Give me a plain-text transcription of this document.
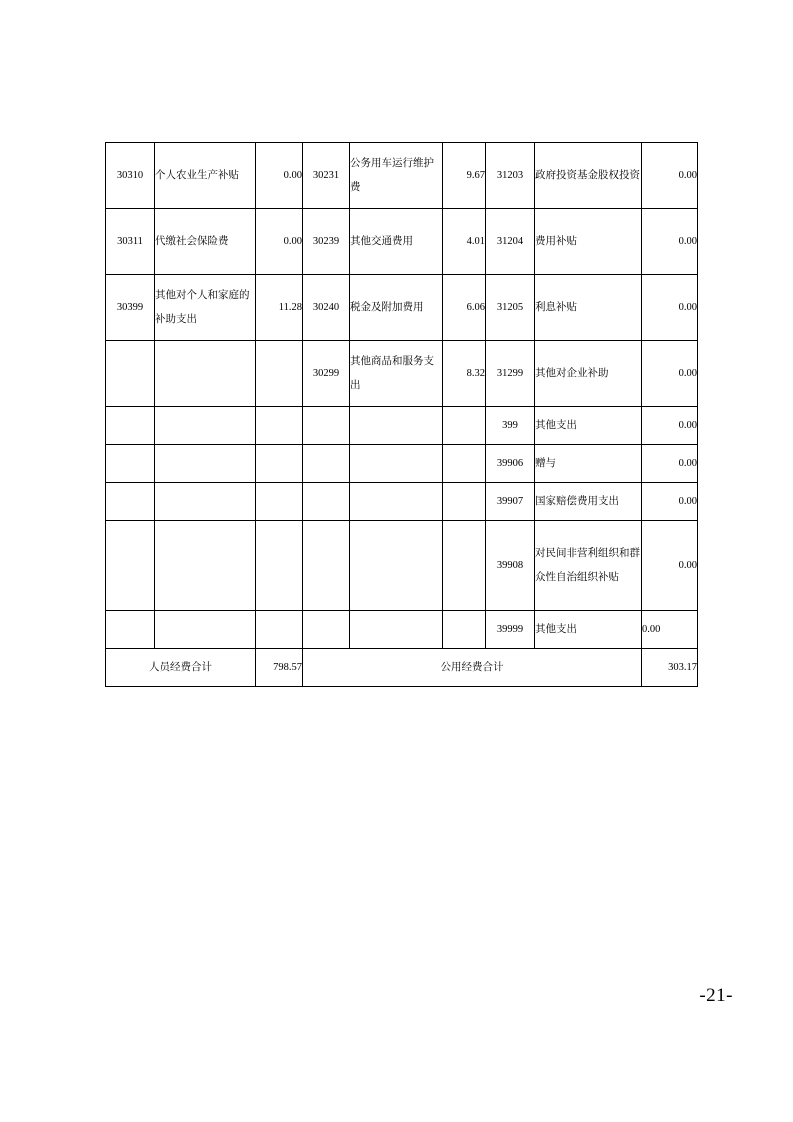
30310	个人农业生产补贴	0.00	30231	公务用车运行维护费	9.67	31203	政府投资基金股权投资	0.00

30311	代缴社会保险费	0.00	30239	其他交通费用	4.01	31204	费用补贴	0.00

30399	其他对个人和家庭的补助支出	11.28	30240	税金及附加费用	6.06	31205	利息补贴	0.00

			30299	其他商品和服务支出	8.32	31299	其他对企业补助	0.00

						399	其他支出	0.00

						39906	赠与	0.00

						39907	国家赔偿费用支出	0.00

						39908	对民间非营利组织和群众性自治组织补贴	0.00

						39999	其他支出	0.00

人员经费合计		798.57	公用经费合计					303.17
-21-
